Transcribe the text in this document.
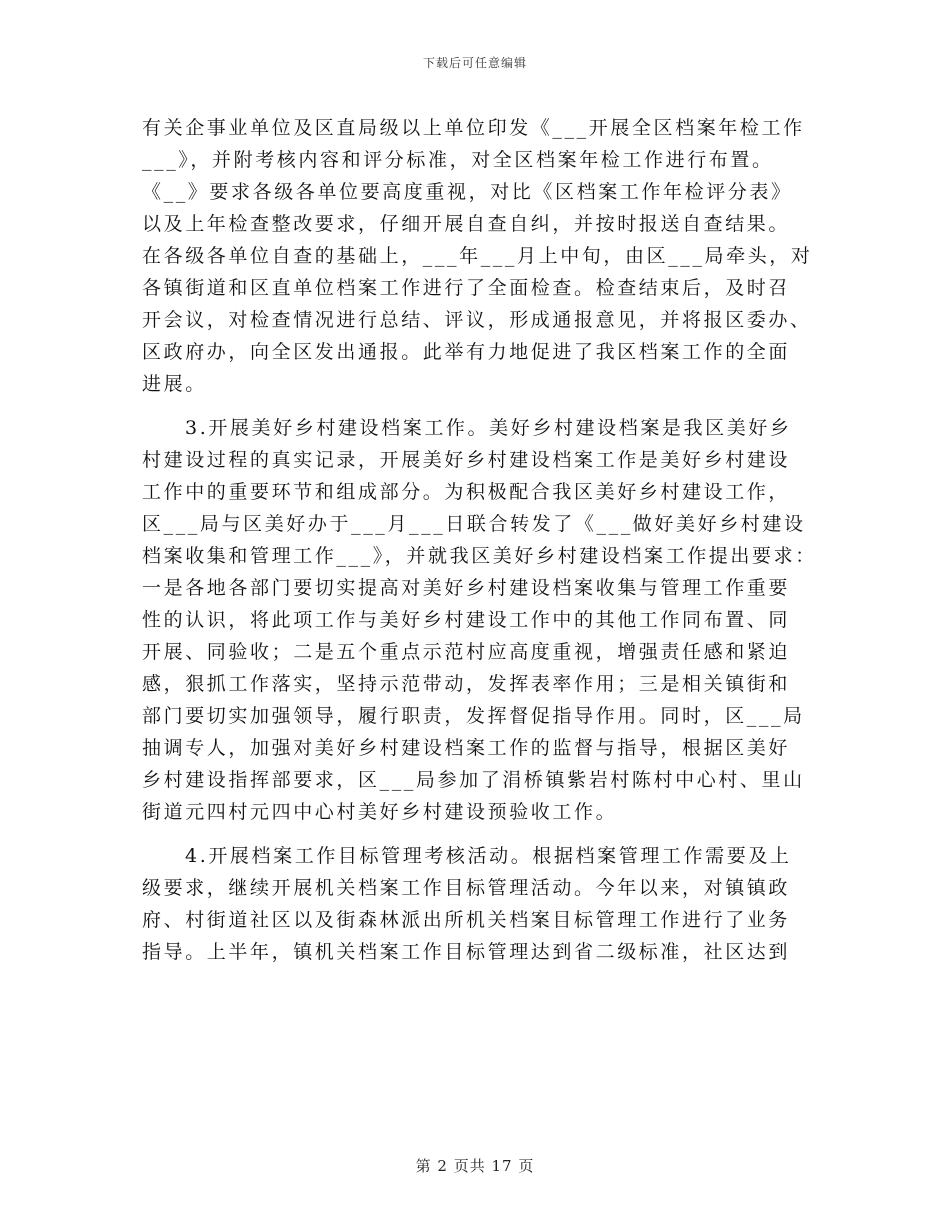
下载后可任意编辑
有关企事业单位及区直局级以上单位印发《___开展全区档案年检工作
___》，并附考核内容和评分标准，对全区档案年检工作进行布置。
《__》要求各级各单位要高度重视，对比《区档案工作年检评分表》
以及上年检查整改要求，仔细开展自查自纠，并按时报送自查结果。
在各级各单位自查的基础上，___年___月上中旬，由区___局牵头，对
各镇街道和区直单位档案工作进行了全面检查。检查结束后，及时召
开会议，对检查情况进行总结、评议，形成通报意见，并将报区委办、
区政府办，向全区发出通报。此举有力地促进了我区档案工作的全面
进展。
3.开展美好乡村建设档案工作。美好乡村建设档案是我区美好乡
村建设过程的真实记录，开展美好乡村建设档案工作是美好乡村建设
工作中的重要环节和组成部分。为积极配合我区美好乡村建设工作，
区___局与区美好办于___月___日联合转发了《___做好美好乡村建设
档案收集和管理工作___》，并就我区美好乡村建设档案工作提出要求：
一是各地各部门要切实提高对美好乡村建设档案收集与管理工作重要
性的认识，将此项工作与美好乡村建设工作中的其他工作同布置、同
开展、同验收；二是五个重点示范村应高度重视，增强责任感和紧迫
感，狠抓工作落实，坚持示范带动，发挥表率作用；三是相关镇街和
部门要切实加强领导，履行职责，发挥督促指导作用。同时，区___局
抽调专人，加强对美好乡村建设档案工作的监督与指导，根据区美好
乡村建设指挥部要求，区___局参加了涓桥镇紫岩村陈村中心村、里山
街道元四村元四中心村美好乡村建设预验收工作。
4.开展档案工作目标管理考核活动。根据档案管理工作需要及上
级要求，继续开展机关档案工作目标管理活动。今年以来，对镇镇政
府、村街道社区以及街森林派出所机关档案目标管理工作进行了业务
指导。上半年，镇机关档案工作目标管理达到省二级标准，社区达到
第 2 页共 17 页
